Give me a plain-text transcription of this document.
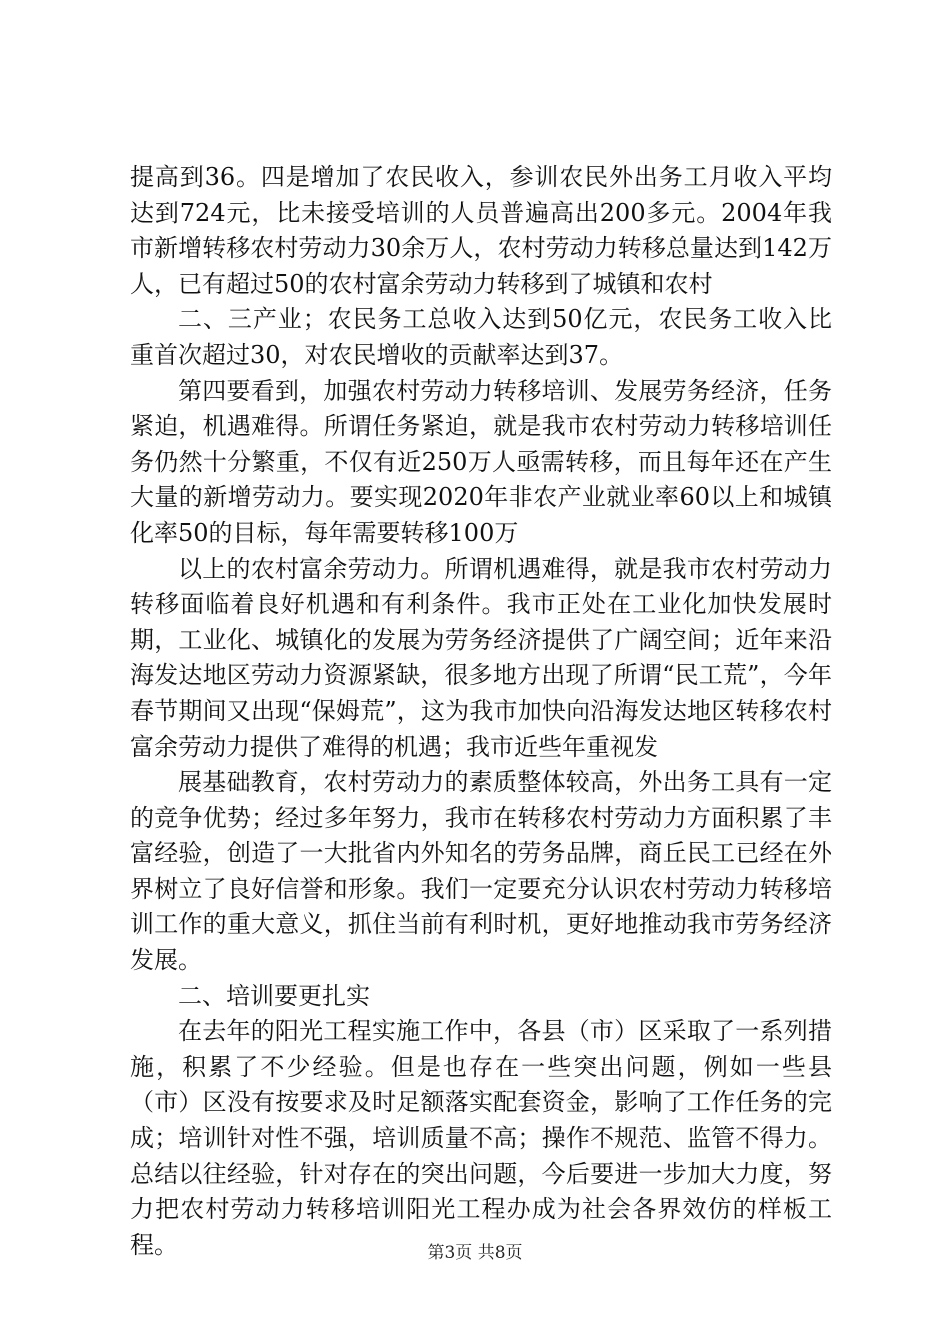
提高到36。四是增加了农民收入，参训农民外出务工月收入平均达到724元，比未接受培训的人员普遍高出200多元。2004年我市新增转移农村劳动力30余万人，农村劳动力转移总量达到142万人，已有超过50的农村富余劳动力转移到了城镇和农村

二、三产业；农民务工总收入达到50亿元，农民务工收入比重首次超过30，对农民增收的贡献率达到37。

第四要看到，加强农村劳动力转移培训、发展劳务经济，任务紧迫，机遇难得。所谓任务紧迫，就是我市农村劳动力转移培训任务仍然十分繁重，不仅有近250万人亟需转移，而且每年还在产生大量的新增劳动力。要实现2020年非农产业就业率60以上和城镇化率50的目标，每年需要转移100万

以上的农村富余劳动力。所谓机遇难得，就是我市农村劳动力转移面临着良好机遇和有利条件。我市正处在工业化加快发展时期，工业化、城镇化的发展为劳务经济提供了广阔空间；近年来沿海发达地区劳动力资源紧缺，很多地方出现了所谓“民工荒”，今年春节期间又出现“保姆荒”，这为我市加快向沿海发达地区转移农村富余劳动力提供了难得的机遇；我市近些年重视发

展基础教育，农村劳动力的素质整体较高，外出务工具有一定的竞争优势；经过多年努力，我市在转移农村劳动力方面积累了丰富经验，创造了一大批省内外知名的劳务品牌，商丘民工已经在外界树立了良好信誉和形象。我们一定要充分认识农村劳动力转移培训工作的重大意义，抓住当前有利时机，更好地推动我市劳务经济发展。

二、培训要更扎实

在去年的阳光工程实施工作中，各县（市）区采取了一系列措施，积累了不少经验。但是也存在一些突出问题，例如一些县（市）区没有按要求及时足额落实配套资金，影响了工作任务的完成；培训针对性不强，培训质量不高；操作不规范、监管不得力。总结以往经验，针对存在的突出问题，今后要进一步加大力度，努力把农村劳动力转移培训阳光工程办成为社会各界效仿的样板工程。	第3页 共8页
